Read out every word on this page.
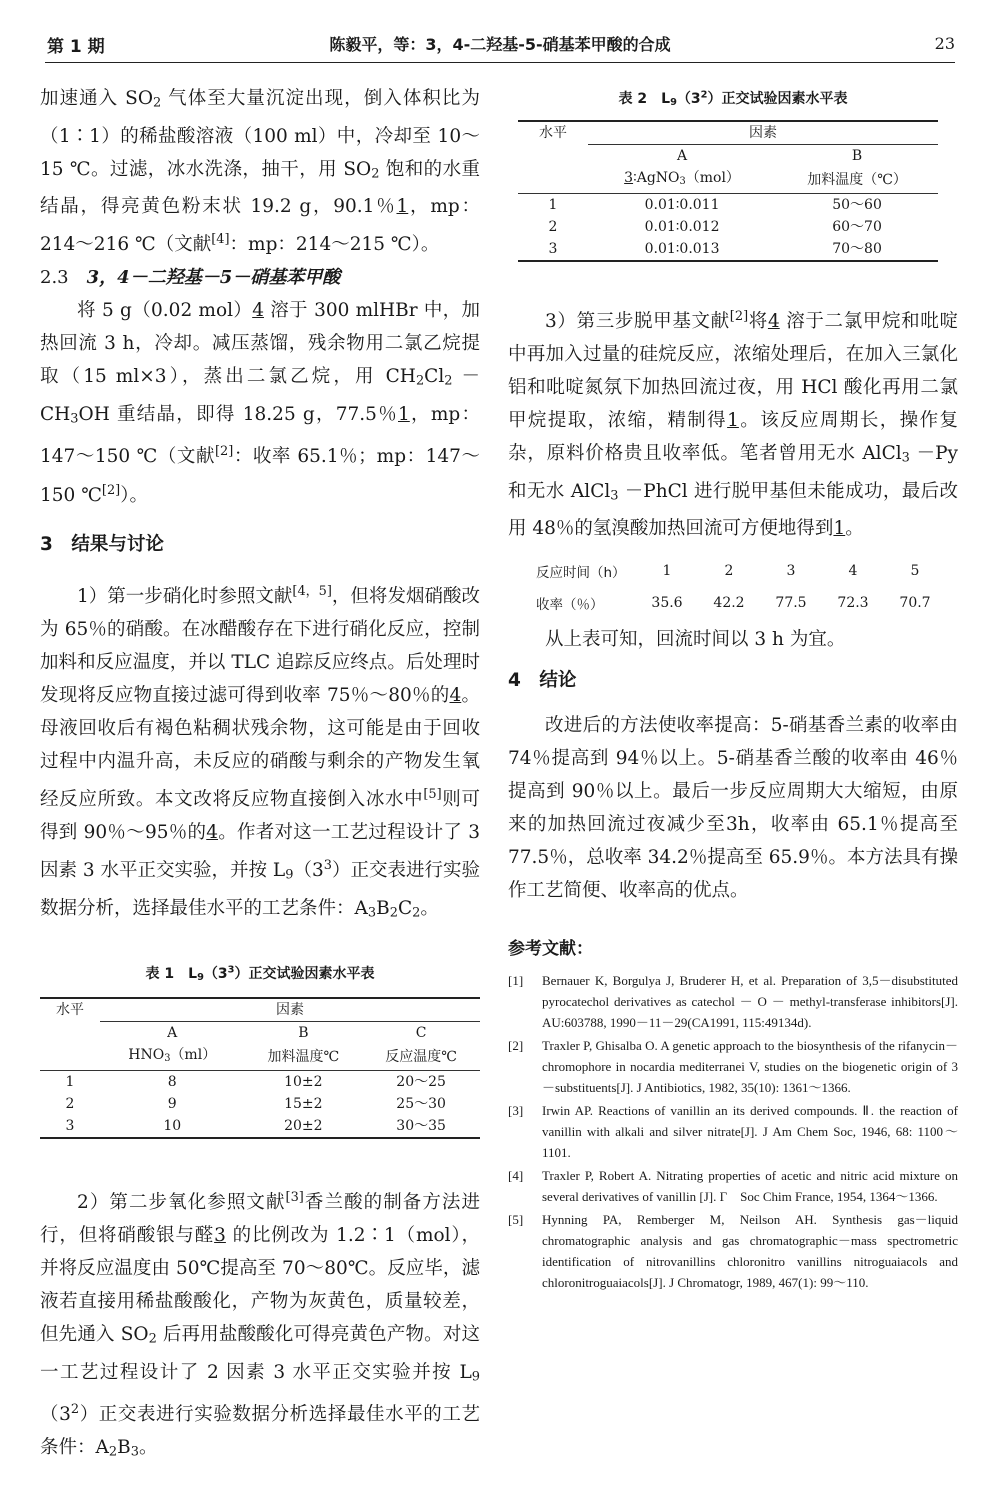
第 1 期	陈毅平，等：3，4-二羟基-5-硝基苯甲酸的合成	23

加速通入 $SO_2$ 气体至大量沉淀出现，倒入体积比为（1∶1）的稀盐酸溶液（100 ml）中，冷却至 10～15 ℃。过滤，冰水洗涤，抽干，用 $SO_2$ 饱和的水重结晶，得亮黄色粉末状 19.2 g，90.1％1，mp：214～216 ℃（文献[4]：mp：214～215 ℃）。

2.3　 3，4－二羟基－5－硝基苯甲酸

将 5 g（0.02 mol）4 溶于 300 mlHBr 中，加热回流 3 h，冷却。减压蒸馏，残余物用二氯乙烷提取（15 ml×3），蒸出二氯乙烷，用 $CH_2Cl_2 - CH_3OH$ 重结晶，即得 18.25 g，77.5％1，mp：147～150 ℃（文献[2]：收率 65.1％；mp：147～150 ℃[2]）。

3　 结果与讨论

1）第一步硝化时参照文献[4，5]，但将发烟硝酸改为 65％的硝酸。在冰醋酸存在下进行硝化反应，控制加料和反应温度，并以 TLC 追踪反应终点。后处理时发现将反应物直接过滤可得到收率 75％～80％的4。母液回收后有褐色粘稠状残余物，这可能是由于回收过程中内温升高，未反应的硝酸与剩余的产物发生氧经反应所致。本文改将反应物直接倒入冰水中[5]则可得到 90％～95％的4。作者对这一工艺过程设计了 3 因素 3 水平正交实验，并按 $L_9(3^3)$正交表进行实验数据分析，选择最佳水平的工艺条件：$A_3B_2C_2$。

表 1　$L9(3^3)$正交试验因素水平表
水平	因素		
	A	B	C
	HNO3（ml）	加料温度℃	反应温度℃
1	8	10±2	20～25
2	9	15±2	25～30
3	10	20±2	30～35

2）第二步氧化参照文献[3]香兰酸的制备方法进行，但将硝酸银与醛3 的比例改为 1.2∶1（mol），并将反应温度由 50℃提高至 70～80℃。反应毕，滤液若直接用稀盐酸酸化，产物为灰黄色，质量较差，但先通入 $SO_2$ 后再用盐酸酸化可得亮黄色产物。对这一工艺过程设计了 2 因素 3 水平正交实验并按 $L_9(3^2)$正交表进行实验数据分析选择最佳水平的工艺条件：$A_2B_3$。

表 2　$L9(3^2)$正交试验因素水平表
水平	因素	
	A	B
	3∶AgNO3（mol）	加料温度（℃）
1	0.01∶0.011	50～60
2	0.01∶0.012	60～70
3	0.01∶0.013	70～80

3）第三步脱甲基文献[2]将4 溶于二氯甲烷和吡啶中再加入过量的硅烷反应，浓缩处理后，在加入三氯化铝和吡啶氮氛下加热回流过夜，用 HCl 酸化再用二氯甲烷提取，浓缩，精制得1。该反应周期长，操作复杂，原料价格贵且收率低。笔者曾用无水 AlCl$_3$ －Py 和无水 AlCl$_3$ －PhCl 进行脱甲基但未能成功，最后改用 48％的氢溴酸加热回流可方便地得到1。

反应时间（h）	1	2	3	4	5
收率（％）	35.6	42.2	77.5	72.3	70.7

从上表可知，回流时间以 3 h 为宜。

4　 结论

改进后的方法使收率提高：5-硝基香兰素的收率由 74％提高到 94％以上。5-硝基香兰酸的收率由 46％提高到 90％以上。最后一步反应周期大大缩短，由原来的加热回流过夜减少至3h，收率由 65.1％提高至 77.5％，总收率 34.2％提高至 65.9％。本方法具有操作工艺简便、收率高的优点。

参考文献：

[1]	Bernauer K, Borgulya J, Bruderer H, et al. Preparation of 3,5－disubstituted pyrocatechol derivatives as catechol － O － methyl-transferase inhibitors[J]. AU:603788, 1990－11－29(CA1991, 115:49134d).
[2]	Traxler P, Ghisalba O. A genetic approach to the biosynthesis of the rifanycin－chromophore in nocardia mediterranei V, studies on the biogenetic origin of 3－substituents[J]. J Antibiotics, 1982, 35(10): 1361～1366.
[3]	Irwin AP. Reactions of vanillin an its derived compounds. Ⅱ. the reaction of vanillin with alkali and silver nitrate[J]. J Am Chem Soc, 1946, 68: 1100～1101.
[4]	Traxler P, Robert A. Nitrating properties of acetic and nitric acid mixture on several derivatives of vanillin [J]. Γ　Soc Chim France, 1954, 1364～1366.
[5]	Hynning PA, Remberger M, Neilson AH. Synthesis gas－liquid chromatographic analysis and gas chromatographic－mass spectrometric identification of nitrovanillins chloronitro vanillins nitroguaiacols and chloronitroguaiacols[J]. J Chromatogr, 1989, 467(1): 99～110.
